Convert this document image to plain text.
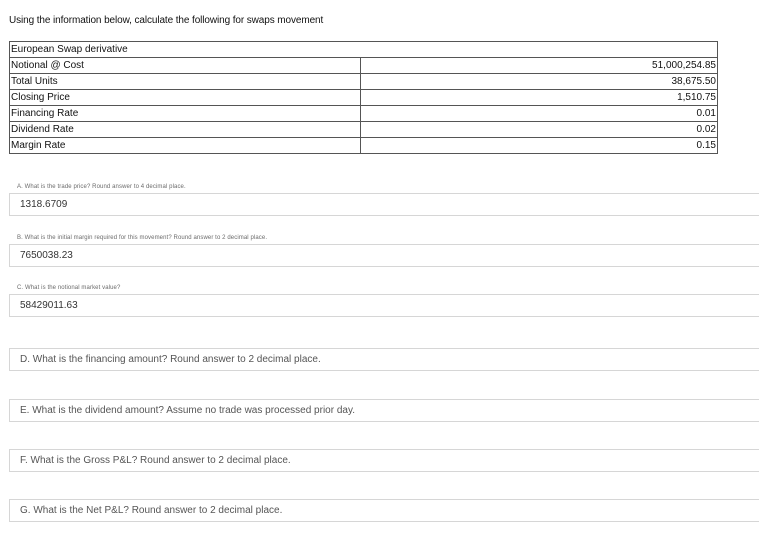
Using the information below, calculate the following for swaps movement
European Swap derivative	
Notional @ Cost	51,000,254.85
Total Units	38,675.50
Closing Price	1,510.75
Financing Rate	0.01
Dividend Rate	0.02
Margin Rate	0.15
A. What is the trade price? Round answer to 4 decimal place.
1318.6709
B. What is the initial margin required for this movement? Round answer to 2 decimal place.
7650038.23
C. What is the notional market value?
58429011.63
D. What is the financing amount? Round answer to 2 decimal place.
E. What is the dividend amount? Assume no trade was processed prior day.
F. What is the Gross P&L? Round answer to 2 decimal place.
G. What is the Net P&L? Round answer to 2 decimal place.
